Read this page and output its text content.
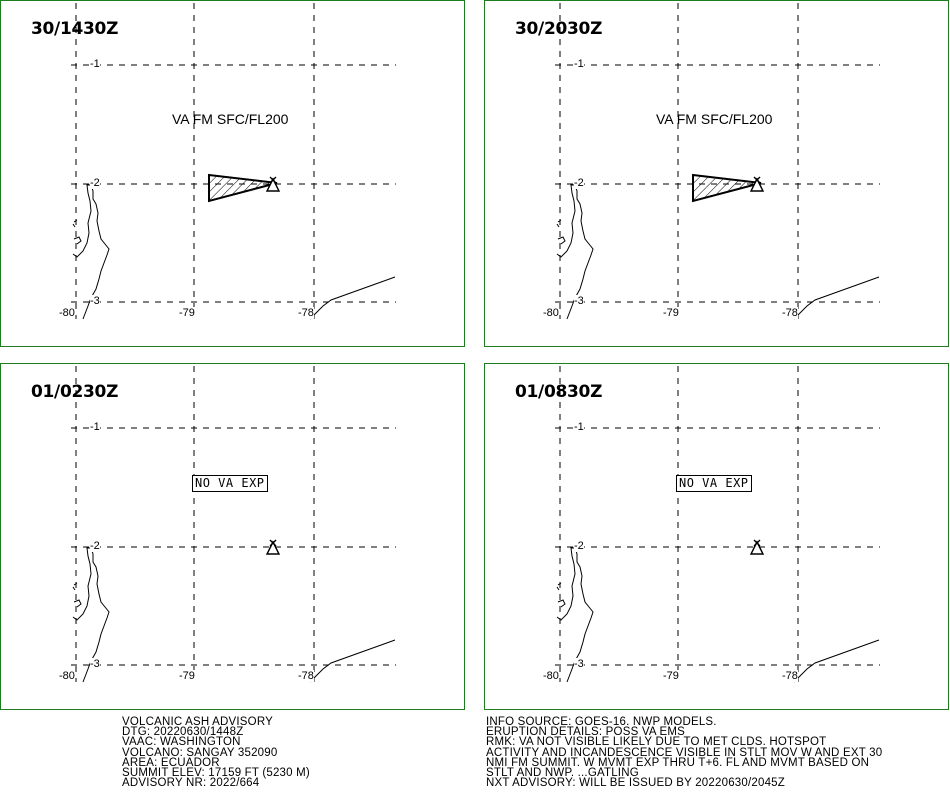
30/1430Z
VA FM SFC/FL200
-1
-2
-3
-80	-79	-78
30/2030Z
VA FM SFC/FL200
-1
-2
-3
-80	-79	-78
01/0230Z
NO VA EXP
-1
-2
-3
-80	-79	-78
01/0830Z
NO VA EXP
-1
-2
-3
-80	-79	-78
VOLCANIC ASH ADVISORY
DTG: 20220630/1448Z
VAAC: WASHINGTON
VOLCANO: SANGAY 352090
AREA: ECUADOR
SUMMIT ELEV: 17159 FT (5230 M)
ADVISORY NR: 2022/664
INFO SOURCE: GOES-16. NWP MODELS.
ERUPTION DETAILS: POSS VA EMS
RMK: VA NOT VISIBLE LIKELY DUE TO MET CLDS. HOTSPOT
ACTIVITY AND INCANDESCENCE VISIBLE IN STLT MOV W AND EXT 30
NMI FM SUMMIT. W MVMT EXP THRU T+6. FL AND MVMT BASED ON
STLT AND NWP. ...GATLING
NXT ADVISORY: WILL BE ISSUED BY 20220630/2045Z
